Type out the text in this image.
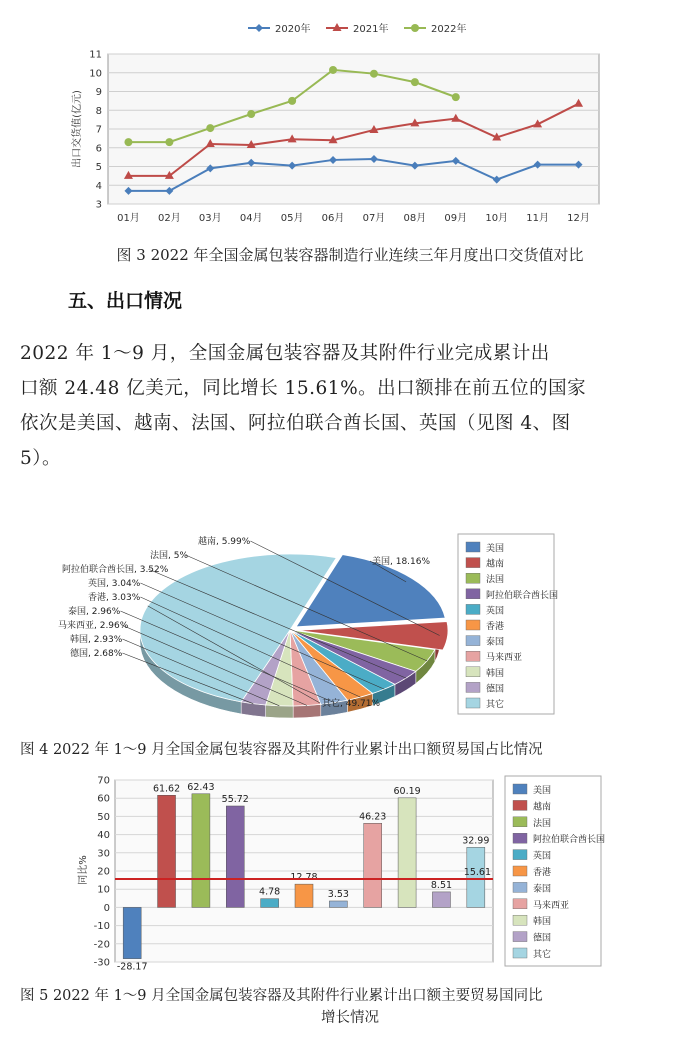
2020年	2021年	2022年
3
4
5
6
7
8
9
10
11
01月 02月 03月 04月 05月 06月 07月 08月 09月 10月 11月 12月
出口交货值(亿元)
图 3 2022 年全国金属包装容器制造行业连续三年月度出口交货值对比
五、出口情况
2022 年 1～9 月，全国金属包装容器及其附件行业完成累计出
口额 24.48 亿美元，同比增长 15.61%。出口额排在前五位的国家
依次是美国、越南、法国、阿拉伯联合酋长国、英国（见图 4、图
5）。
美国, 18.16%
越南, 5.99%
法国, 5%
阿拉伯联合酋长国, 3.52%
英国, 3.04%
香港, 3.03%
泰国, 2.96%
马来西亚, 2.96%
韩国, 2.93%
德国, 2.68%
其它, 49.71%
美国
越南
法国
阿拉伯联合酋长国
英国
香港
泰国
马来西亚
韩国
德国
其它
图 4 2022 年 1～9 月全国金属包装容器及其附件行业累计出口额贸易国占比情况
-30
-20
-10
0
10
20
30
40
50
60
70
同比%
-28.17
61.62 62.43
55.72
4.78
12.78
3.53
46.23
60.19
8.51
32.99
15.61
美国
越南
法国
阿拉伯联合酋长国
英国
香港
泰国
马来西亚
韩国
德国
其它
图 5 2022 年 1～9 月全国金属包装容器及其附件行业累计出口额主要贸易国同比
增长情况
